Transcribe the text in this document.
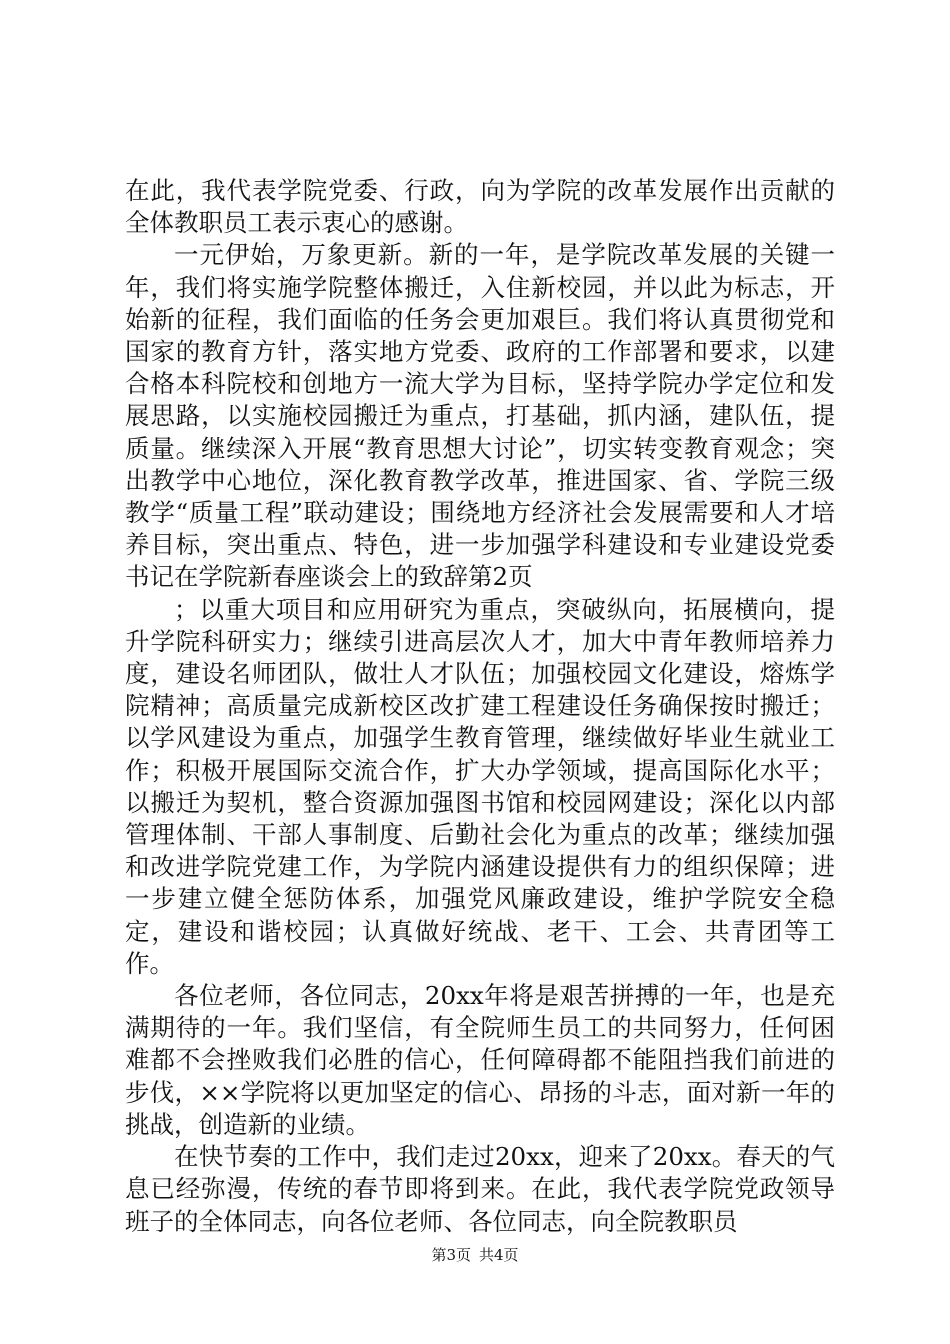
在此，我代表学院党委、行政，向为学院的改革发展作出贡献的全体教职员工表示衷心的感谢。

一元伊始，万象更新。新的一年，是学院改革发展的关键一年，我们将实施学院整体搬迁，入住新校园，并以此为标志，开始新的征程，我们面临的任务会更加艰巨。我们将认真贯彻党和国家的教育方针，落实地方党委、政府的工作部署和要求，以建合格本科院校和创地方一流大学为目标，坚持学院办学定位和发展思路，以实施校园搬迁为重点，打基础，抓内涵，建队伍，提质量。继续深入开展“教育思想大讨论”，切实转变教育观念；突出教学中心地位，深化教育教学改革，推进国家、省、学院三级教学“质量工程”联动建设；围绕地方经济社会发展需要和人才培养目标，突出重点、特色，进一步加强学科建设和专业建设党委书记在学院新春座谈会上的致辞第2页

；以重大项目和应用研究为重点，突破纵向，拓展横向，提升学院科研实力；继续引进高层次人才，加大中青年教师培养力度，建设名师团队，做壮人才队伍；加强校园文化建设，熔炼学院精神；高质量完成新校区改扩建工程建设任务确保按时搬迁；以学风建设为重点，加强学生教育管理，继续做好毕业生就业工作；积极开展国际交流合作，扩大办学领域，提高国际化水平；以搬迁为契机，整合资源加强图书馆和校园网建设；深化以内部管理体制、干部人事制度、后勤社会化为重点的改革；继续加强和改进学院党建工作，为学院内涵建设提供有力的组织保障；进一步建立健全惩防体系，加强党风廉政建设，维护学院安全稳定，建设和谐校园；认真做好统战、老干、工会、共青团等工作。

各位老师，各位同志，20xx年将是艰苦拼搏的一年，也是充满期待的一年。我们坚信，有全院师生员工的共同努力，任何困难都不会挫败我们必胜的信心，任何障碍都不能阻挡我们前进的步伐，××学院将以更加坚定的信心、昂扬的斗志，面对新一年的挑战，创造新的业绩。

在快节奏的工作中，我们走过20xx，迎来了20xx。春天的气息已经弥漫，传统的春节即将到来。在此，我代表学院党政领导班子的全体同志，向各位老师、各位同志，向全院教职员

第3页 共4页
